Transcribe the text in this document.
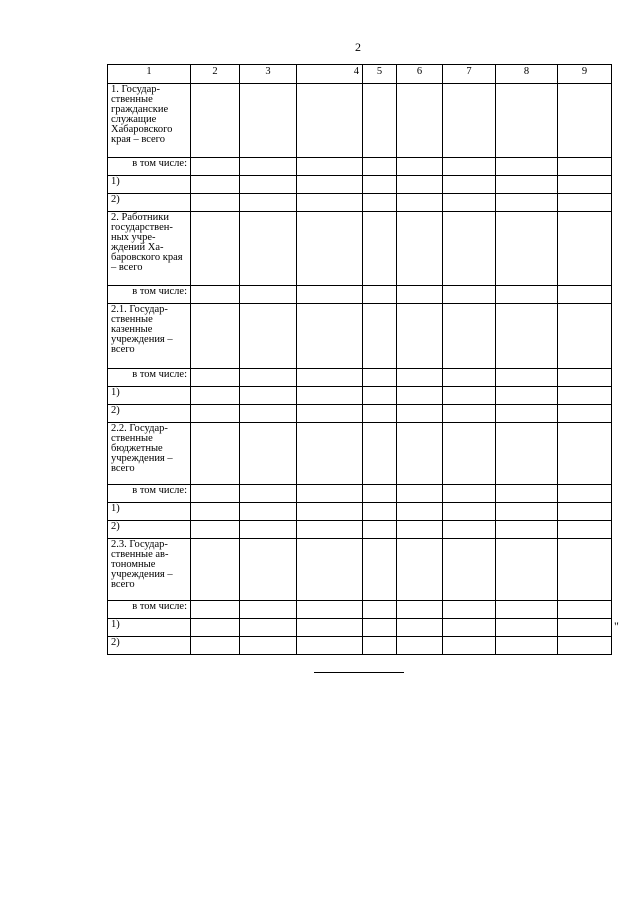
2
1	2	3	4	5	6	7	8	9
1. Государ-ственные гражданские служащие Хабаровского края – всего								
в том числе:								
1)								
2)								
2. Работники государствен-ных учре-ждений Ха-баровского края – всего								
в том числе:								
2.1. Государ-ственные казенные учреждения – всего								
в том числе:								
1)								
2)								
2.2. Государ-ственные бюджетные учреждения – всего								
в том числе:								
1)								
2)								
2.3. Государ-ственные ав-тономные учреждения – всего								
в том числе:								
1)								
2)								
"
